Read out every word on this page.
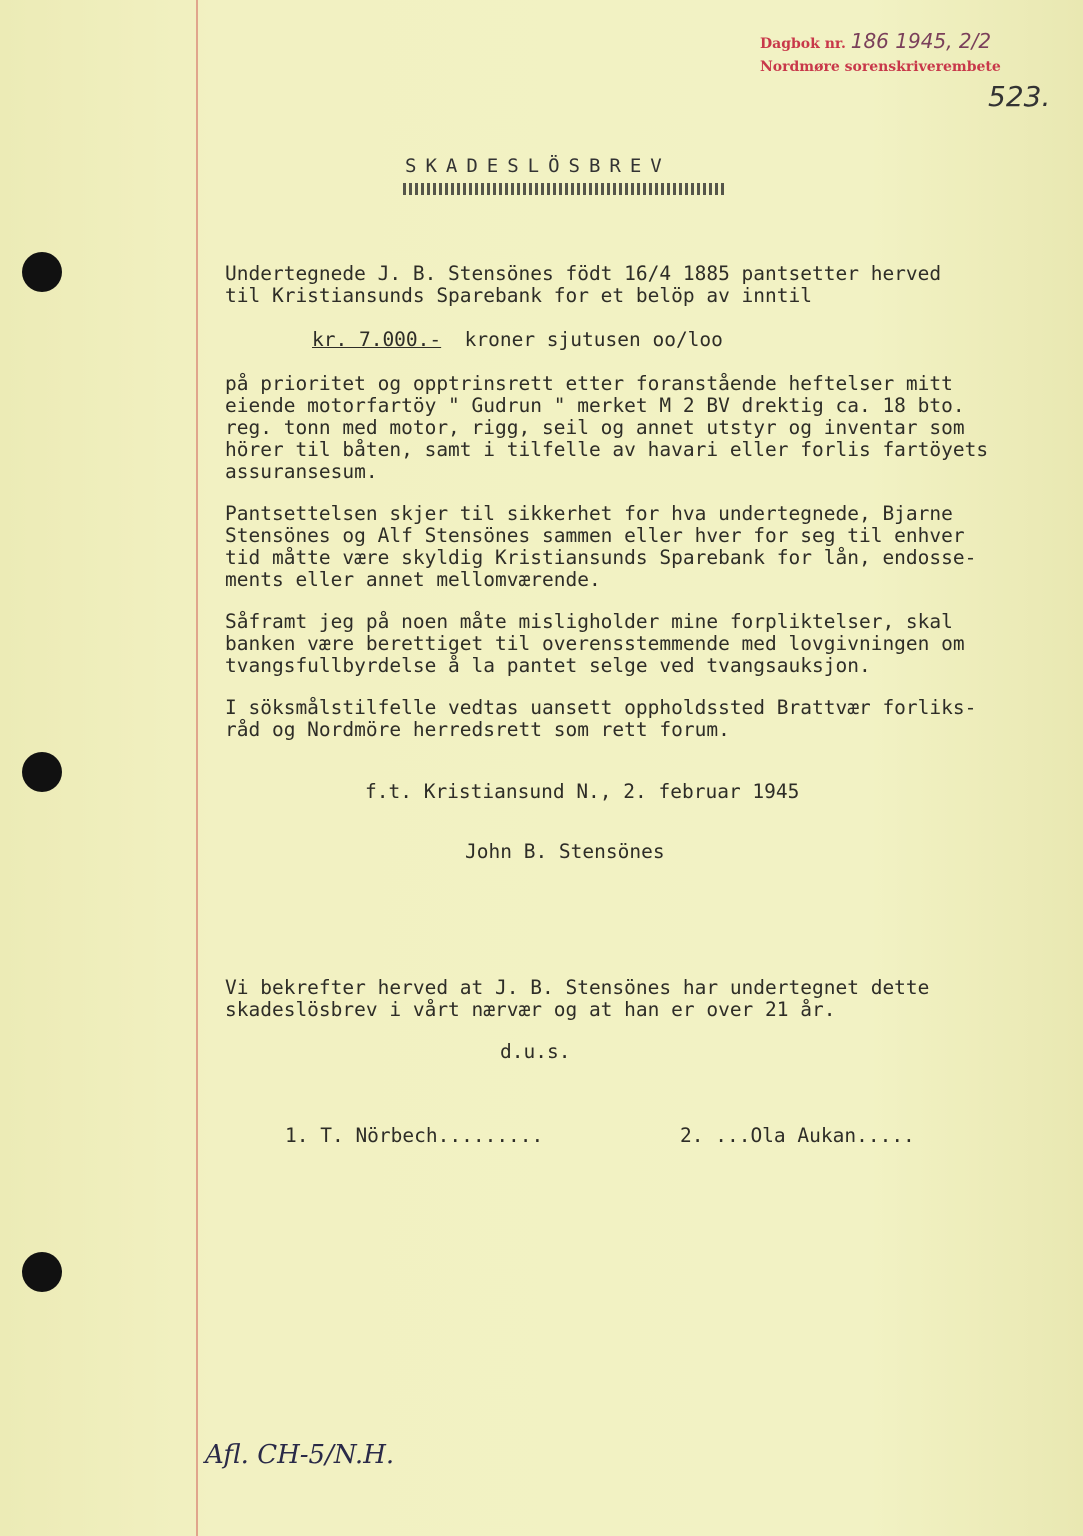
Dagbok nr. 186 1945, 2/2
Nordmøre sorenskriverembete
523.
SKADESLÖSBREV
Undertegnede J. B. Stensönes födt 16/4 1885 pantsetter herved
til Kristiansunds Sparebank for et belöp av inntil
kr. 7.000.- kroner sjutusen oo/loo
på prioritet og opptrinsrett etter foranstående heftelser mitt
eiende motorfartöy " Gudrun " merket M 2 BV drektig ca. 18 bto.
reg. tonn med motor, rigg, seil og annet utstyr og inventar som
hörer til båten, samt i tilfelle av havari eller forlis fartöyets
assuransesum.
Pantsettelsen skjer til sikkerhet for hva undertegnede, Bjarne
Stensönes og Alf Stensönes sammen eller hver for seg til enhver
tid måtte være skyldig Kristiansunds Sparebank for lån, endosse-
ments eller annet mellomværende.
Såframt jeg på noen måte misligholder mine forpliktelser, skal
banken være berettiget til overensstemmende med lovgivningen om
tvangsfullbyrdelse å la pantet selge ved tvangsauksjon.
I söksmålstilfelle vedtas uansett oppholdssted Brattvær forliks-
råd og Nordmöre herredsrett som rett forum.
f.t. Kristiansund N., 2. februar 1945
John B. Stensönes
Vi bekrefter herved at J. B. Stensönes har undertegnet dette
skadeslösbrev i vårt nærvær og at han er over 21 år.
d.u.s.
1. T. Nörbech.........	2. ...Ola Aukan.....
Afl. CH-5/N.H.
